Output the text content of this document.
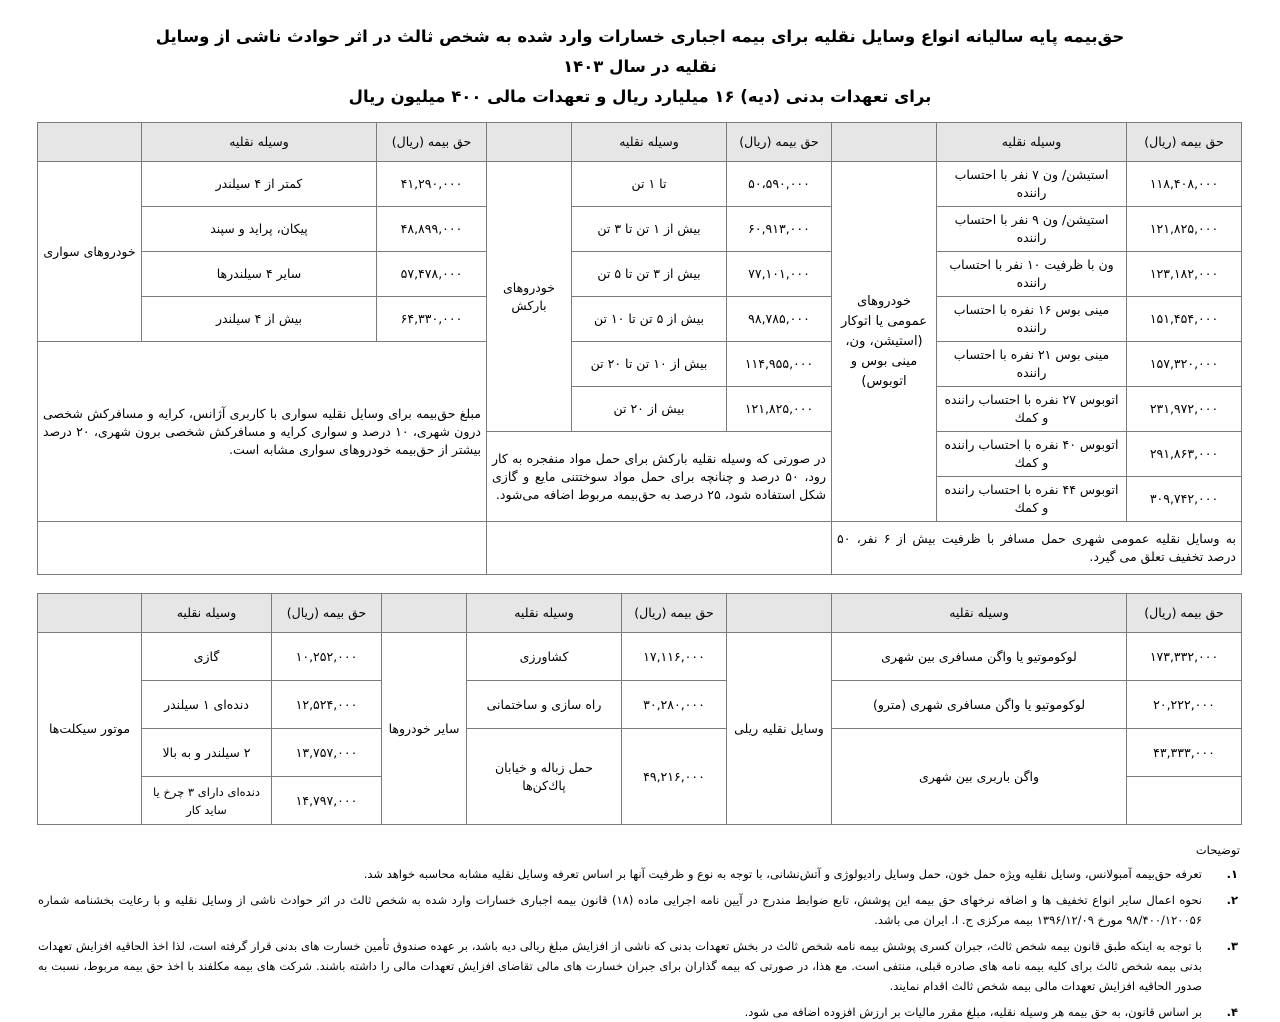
حق‌بیمه پایه سالیانه انواع وسایل نقلیه برای بیمه اجباری خسارات وارد شده به شخص ثالث در اثر حوادث ناشی از وسایل نقلیه در سال ۱۴۰۳
برای تعهدات بدنی (دیه) ۱۶ میلیارد ریال و تعهدات مالی ۴۰۰ میلیون ریال
حق بیمه (ریال)	وسیله نقلیه		حق بیمه (ریال)	وسیله نقلیه		حق بیمه (ریال)	وسیله نقلیه	
۱۱۸,۴۰۸,۰۰۰	استیشن/ ون ۷ نفر با احتساب راننده	خودروهای عمومی یا اتوكار (استیشن، ون، مینی بوس و اتوبوس)	۵۰،۵۹۰,۰۰۰	تا ۱ تن	خودروهای باركش	۴۱,۲۹۰,۰۰۰	كمتر از ۴ سیلندر	خودروهای سواری
۱۲۱,۸۲۵,۰۰۰	استیشن/ ون ۹ نفر با احتساب راننده		۶۰,۹۱۳,۰۰۰	بیش از ۱ تن تا ۳ تن		۴۸,۸۹۹,۰۰۰	پیكان، پراید و سپند	
۱۲۳,۱۸۲,۰۰۰	ون با ظرفیت ۱۰ نفر با احتساب راننده		۷۷,۱۰۱,۰۰۰	بیش از ۳ تن تا ۵ تن		۵۷,۴۷۸,۰۰۰	سایر ۴ سیلندرها	
۱۵۱,۴۵۴,۰۰۰	مینی بوس ۱۶ نفره با احتساب راننده		۹۸,۷۸۵,۰۰۰	بیش از ۵ تن تا ۱۰ تن		۶۴,۳۳۰,۰۰۰	بیش از ۴ سیلندر	
۱۵۷,۳۲۰,۰۰۰	مینی بوس ۲۱ نفره با احتساب راننده		۱۱۴,۹۵۵,۰۰۰	بیش از ۱۰ تن تا ۲۰ تن		مبلغ حق‌بیمه برای وسایل نقلیه سواری با كاربری آژانس، كرایه و مسافركش شخصی درون شهری، ۱۰ درصد و سواری كرایه و مسافركش شخصی برون شهری، ۲۰ درصد بیشتر از حق‌بیمه خودروهای سواری مشابه است.		
۲۳۱,۹۷۲,۰۰۰	اتوبوس ۲۷ نفره با احتساب راننده و كمك		۱۲۱,۸۲۵,۰۰۰	بیش از ۲۰ تن				
۲۹۱,۸۶۳,۰۰۰	اتوبوس ۴۰ نفره با احتساب راننده و كمك		در صورتی كه وسیله نقلیه باركش برای حمل مواد منفجره به كار رود، ۵۰ درصد و چنانچه برای حمل مواد سوختتنی مایع و گازی شكل استفاده شود، ۲۵ درصد به حق‌بیمه مربوط اضافه می‌شود.					
۳۰۹,۷۴۲,۰۰۰	اتوبوس ۴۴ نفره با احتساب راننده و كمك							
به وسایل نقلیه عمومی شهری حمل مسافر با ظرفیت بیش از ۶ نفر، ۵۰ درصد تخفیف تعلق می گیرد.								
حق بیمه (ریال)	وسیله نقلیه		حق بیمه (ریال)	وسیله نقلیه		حق بیمه (ریال)	وسیله نقلیه	
۱۷۳,۳۳۲,۰۰۰	لوكوموتیو یا واگن مسافری بین شهری	وسایل نقلیه ریلی	۱۷,۱۱۶,۰۰۰	كشاورزی	سایر خودروها	۱۰,۲۵۲,۰۰۰	گازی	موتور سیكلت‌ها
۲۰,۲۲۲,۰۰۰	لوكوموتیو یا واگن مسافری شهری (مترو)		۳۰,۲۸۰,۰۰۰	راه سازی و ساختمانی		۱۲,۵۲۴,۰۰۰	دنده‌ای ۱ سیلندر	
۴۳,۳۳۳,۰۰۰	واگن باربری بین شهری		۴۹,۲۱۶,۰۰۰	حمل زباله و خیابان پاك‌كن‌ها		۱۳,۷۵۷,۰۰۰	۲ سیلندر و به بالا	
						۱۴,۷۹۷,۰۰۰	دنده‌ای دارای ۳ چرخ یا ساید كار	
توضیحات
تعرفه حق‌بیمه آمبولانس، وسایل نقلیه ویژه حمل خون، حمل وسایل رادیولوژی و آتش‌نشانی، با توجه به نوع و ظرفیت آنها بر اساس تعرفه وسایل نقلیه مشابه محاسبه خواهد شد.
نحوه اعمال سایر انواع تخفیف ها و اضافه نرخهای حق بیمه این پوشش، تابع ضوابط مندرج در آیین نامه اجرایی ماده (۱۸) قانون بیمه اجباری خسارات وارد شده به شخص ثالث در اثر حوادث ناشی از وسایل نقلیه و با رعایت بخشنامه شماره ۹۸/۴۰۰/۱۲۰۰۵۶ مورخ ۱۳۹۶/۱۲/۰۹ بیمه مركزی ج. ا. ایران می باشد.
با توجه به اینكه طبق قانون بیمه شخص ثالث، جبران كسری پوشش بیمه نامه شخص ثالث در بخش تعهدات بدنی كه ناشی از افزایش مبلغ ریالی دیه باشد، بر عهده صندوق تأمین خسارت های بدنی قرار گرفته است، لذا اخذ الحاقیه افزایش تعهدات بدنی بیمه شخص ثالث برای كلیه بیمه نامه های صادره قبلی، منتفی است. مع هذا، در صورتی كه بیمه گذاران برای جبران خسارت های مالی تقاضای افزایش تعهدات مالی را داشته باشند. شركت های بیمه مكلفند با اخذ حق بیمه مربوط، نسبت به صدور الحاقیه افزایش تعهدات مالی بیمه شخص ثالث اقدام نمایند.
بر اساس قانون، به حق بیمه هر وسیله نقلیه، مبلغ مقرر مالیات بر ارزش افزوده اضافه می شود.
